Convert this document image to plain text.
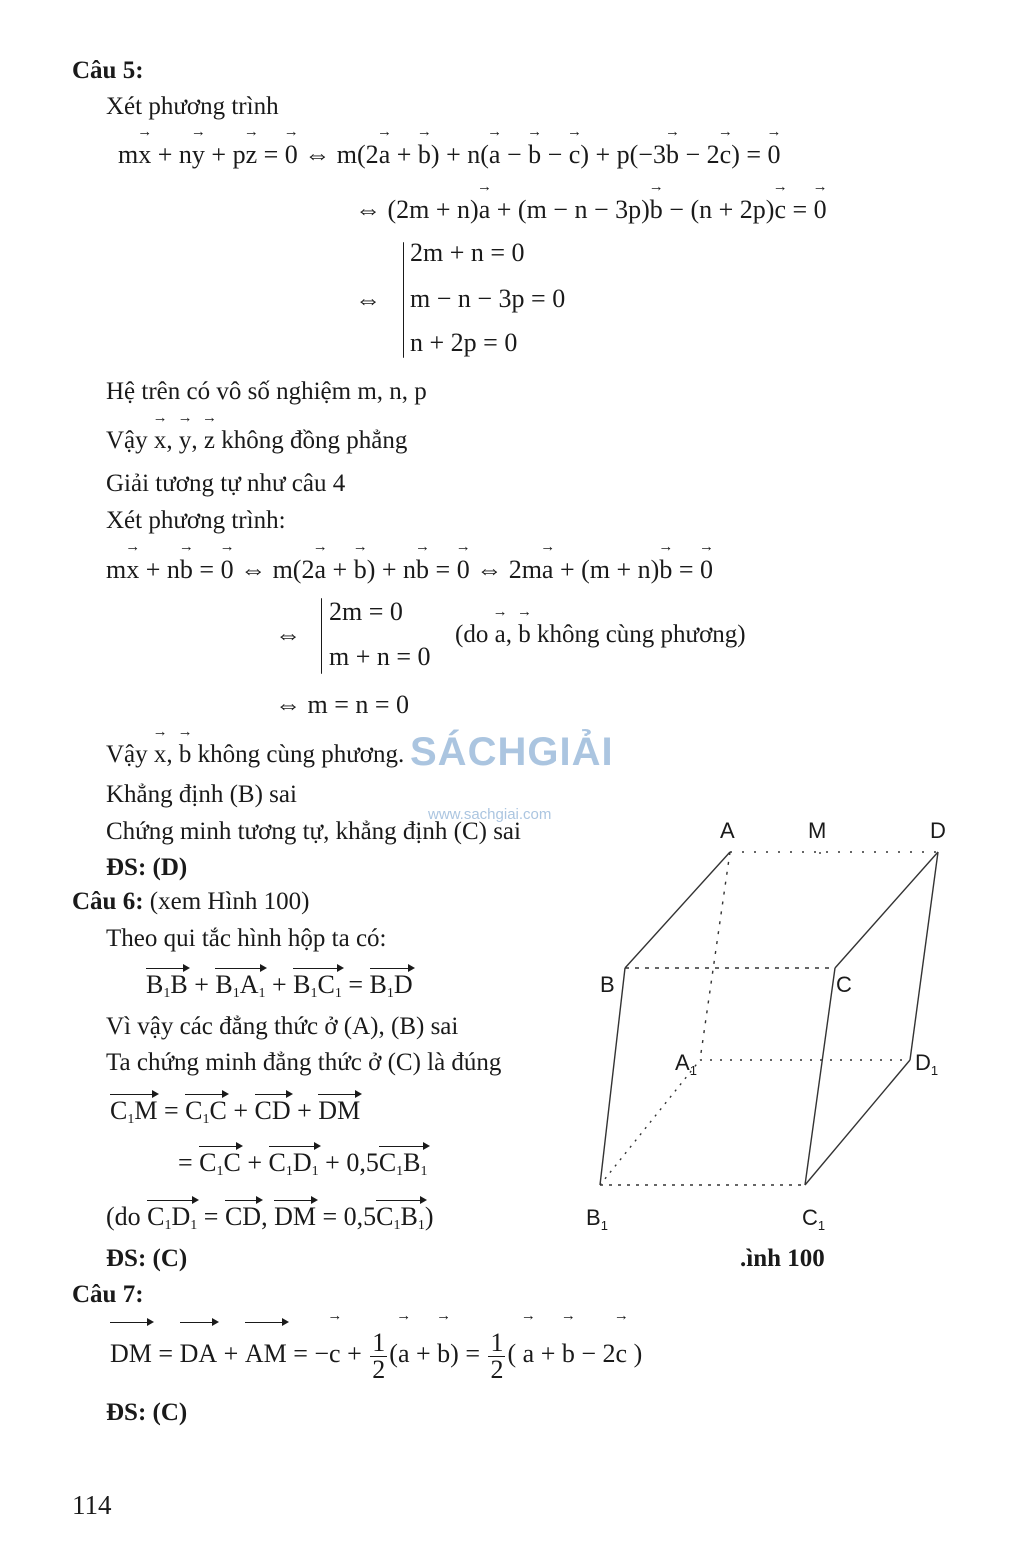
Câu 5:
Xét phương trình
m→ x + n→ y + p→ z = → 0 ⇔ m(2→ a + → b) + n(→ a − → b − → c) + p(−3→ b − 2→ c) = → 0
⇔ (2m + n)→ a + (m − n − 3p)→ b − (n + 2p)→ c = → 0
⇔
2m + n = 0
m − n − 3p = 0
n + 2p = 0
Hệ trên có vô số nghiệm m, n, p
Vậy → x, → y, → z không đồng phẳng
Giải tương tự như câu 4
Xét phương trình:
m→ x + n→ b = → 0 ⇔ m(2→ a + → b) + n→ b = → 0 ⇔ 2m→ a + (m + n)→ b = → 0
⇔
2m = 0
m + n = 0
(do → a, → b không cùng phương)
⇔ m = n = 0
Vậy → x, → b không cùng phương.
Khẳng định (B) sai
Chứng minh tương tự, khẳng định (C) sai
ĐS: (D)
SÁCHGIẢI
www.sachgiai.com
Câu 6: (xem Hình 100)
Theo qui tắc hình hộp ta có:
$B_1B + B_1A_1 + B_1C_1 = B_1D$
Vì vậy các đẳng thức ở (A), (B) sai
Ta chứng minh đẳng thức ở (C) là đúng
$C_1M = C_1C$ + CD + DM
= $C_1C + C_1D_1 + 0,5C_1B_1$
(do $C_1D_1$ = CD, DM = $0,5C_1B_1$)
ĐS: (C)
A	M	D
B	C
$A_1$	$D_1$
$B_1$	$C_1$
.ình 100
Câu 7:
DM = DA + AM = −→ $c + \frac{1}{2}$ (→ a + → $b) = \frac{1}{2}$ ( → a + → b − 2→ c )
ĐS: (C)
114
